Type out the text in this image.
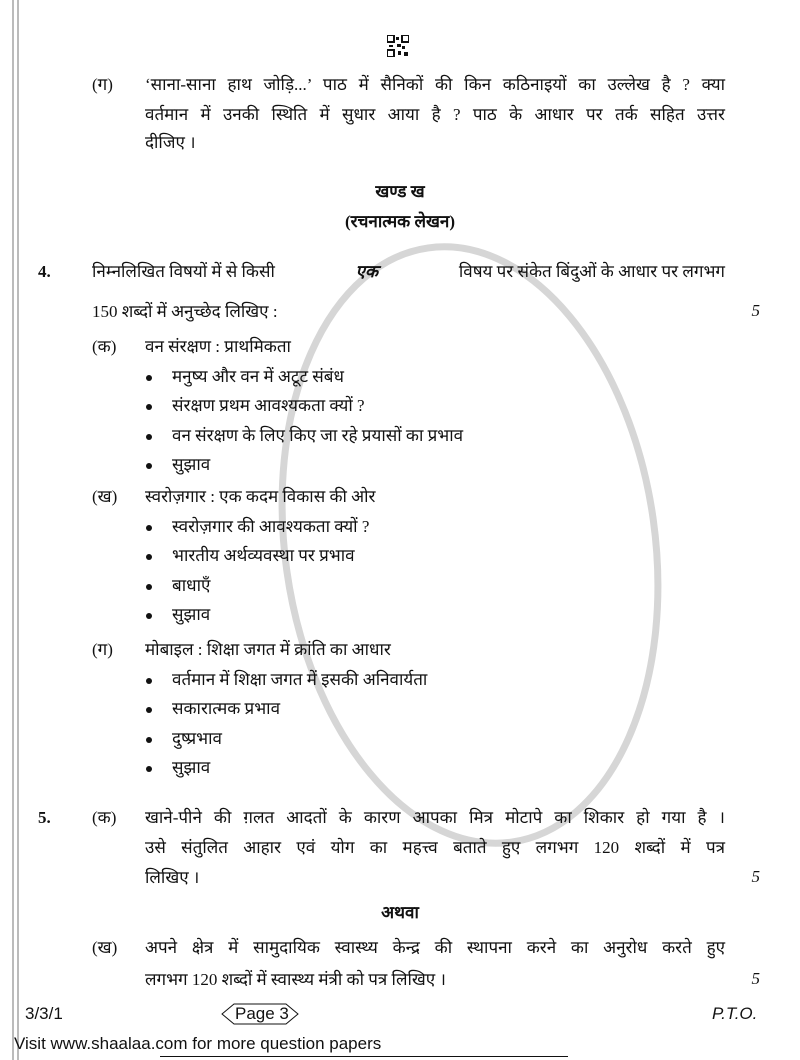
(ग) ‘साना-साना हाथ जोड़ि...’ पाठ में सैनिकों की किन कठिनाइयों का उल्लेख है ? क्या
वर्तमान में उनकी स्थिति में सुधार आया है ? पाठ के आधार पर तर्क सहित उत्तर
दीजिए ।
खण्ड ख
(रचनात्मक लेखन)
4. निम्नलिखित विषयों में से किसी	एक	विषय पर संकेत बिंदुओं के आधार पर लगभग
150 शब्दों में अनुच्छेद लिखिए :	5
(क) वन संरक्षण : प्राथमिकता
मनुष्य और वन में अटूट संबंध
संरक्षण प्रथम आवश्यकता क्यों ?
वन संरक्षण के लिए किए जा रहे प्रयासों का प्रभाव
सुझाव
(ख) स्वरोज़गार : एक कदम विकास की ओर
स्वरोज़गार की आवश्यकता क्यों ?
भारतीय अर्थव्यवस्था पर प्रभाव
बाधाएँ
सुझाव
(ग) मोबाइल : शिक्षा जगत में क्रांति का आधार
वर्तमान में शिक्षा जगत में इसकी अनिवार्यता
सकारात्मक प्रभाव
दुष्प्रभाव
सुझाव
5. (क) खाने-पीने की ग़लत आदतों के कारण आपका मित्र मोटापे का शिकार हो गया है ।
उसे संतुलित आहार एवं योग का महत्त्व बताते हुए लगभग 120 शब्दों में पत्र
लिखिए ।	5
अथवा
(ख) अपने क्षेत्र में सामुदायिक स्वास्थ्य केन्द्र की स्थापना करने का अनुरोध करते हुए
लगभग 120 शब्दों में स्वास्थ्य मंत्री को पत्र लिखिए ।	5
3/3/1	Page 3	P.T.O.
Visit www.shaalaa.com for more question papers
